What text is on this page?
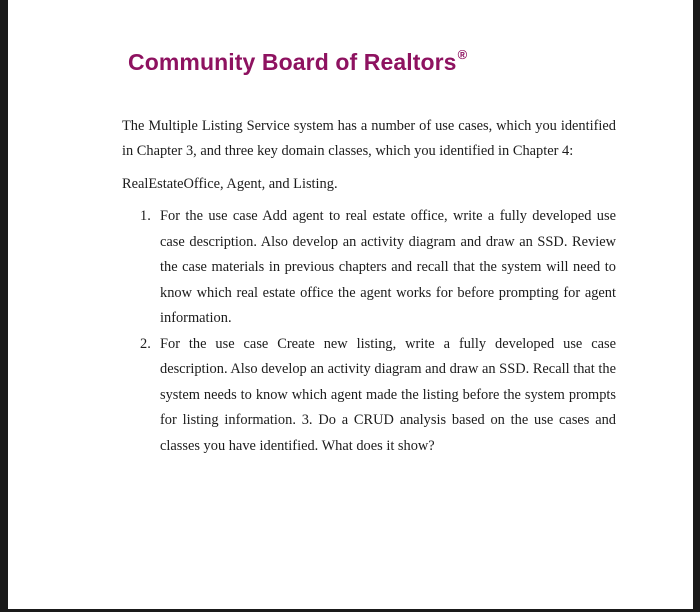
Community Board of Realtors®

The Multiple Listing Service system has a number of use cases, which you identified in Chapter 3, and three key domain classes, which you identified in Chapter 4:

RealEstateOffice, Agent, and Listing.

1. For the use case Add agent to real estate office, write a fully developed use case description. Also develop an activity diagram and draw an SSD. Review the case materials in previous chapters and recall that the system will need to know which real estate office the agent works for before prompting for agent information.
2. For the use case Create new listing, write a fully developed use case description. Also develop an activity diagram and draw an SSD. Recall that the system needs to know which agent made the listing before the system prompts for listing information. 3. Do a CRUD analysis based on the use cases and classes you have identified. What does it show?
